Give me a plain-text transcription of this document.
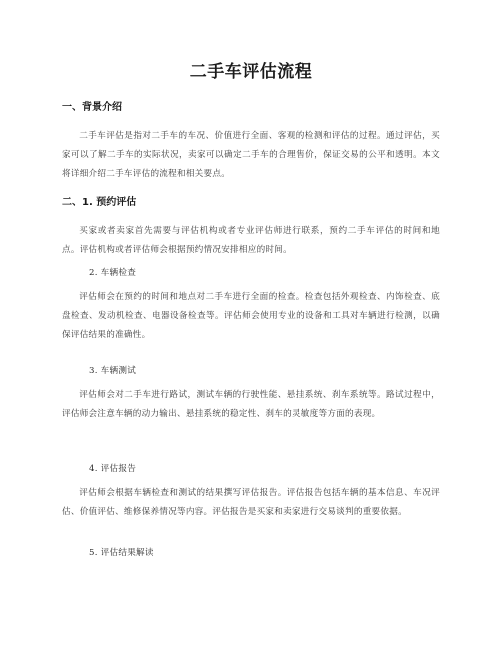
二手车评估流程
一、背景介绍
二手车评估是指对二手车的车况、价值进行全面、客观的检测和评估的过程。通过评估，买家可以了解二手车的实际状况，卖家可以确定二手车的合理售价，保证交易的公平和透明。本文将详细介绍二手车评估的流程和相关要点。
二、1. 预约评估
买家或者卖家首先需要与评估机构或者专业评估师进行联系，预约二手车评估的时间和地点。评估机构或者评估师会根据预约情况安排相应的时间。
2. 车辆检查
评估师会在预约的时间和地点对二手车进行全面的检查。检查包括外观检查、内饰检查、底盘检查、发动机检查、电器设备检查等。评估师会使用专业的设备和工具对车辆进行检测，以确保评估结果的准确性。
3. 车辆测试
评估师会对二手车进行路试，测试车辆的行驶性能、悬挂系统、刹车系统等。路试过程中，评估师会注意车辆的动力输出、悬挂系统的稳定性、刹车的灵敏度等方面的表现。
4. 评估报告
评估师会根据车辆检查和测试的结果撰写评估报告。评估报告包括车辆的基本信息、车况评估、价值评估、维修保养情况等内容。评估报告是买家和卖家进行交易谈判的重要依据。
5. 评估结果解读
